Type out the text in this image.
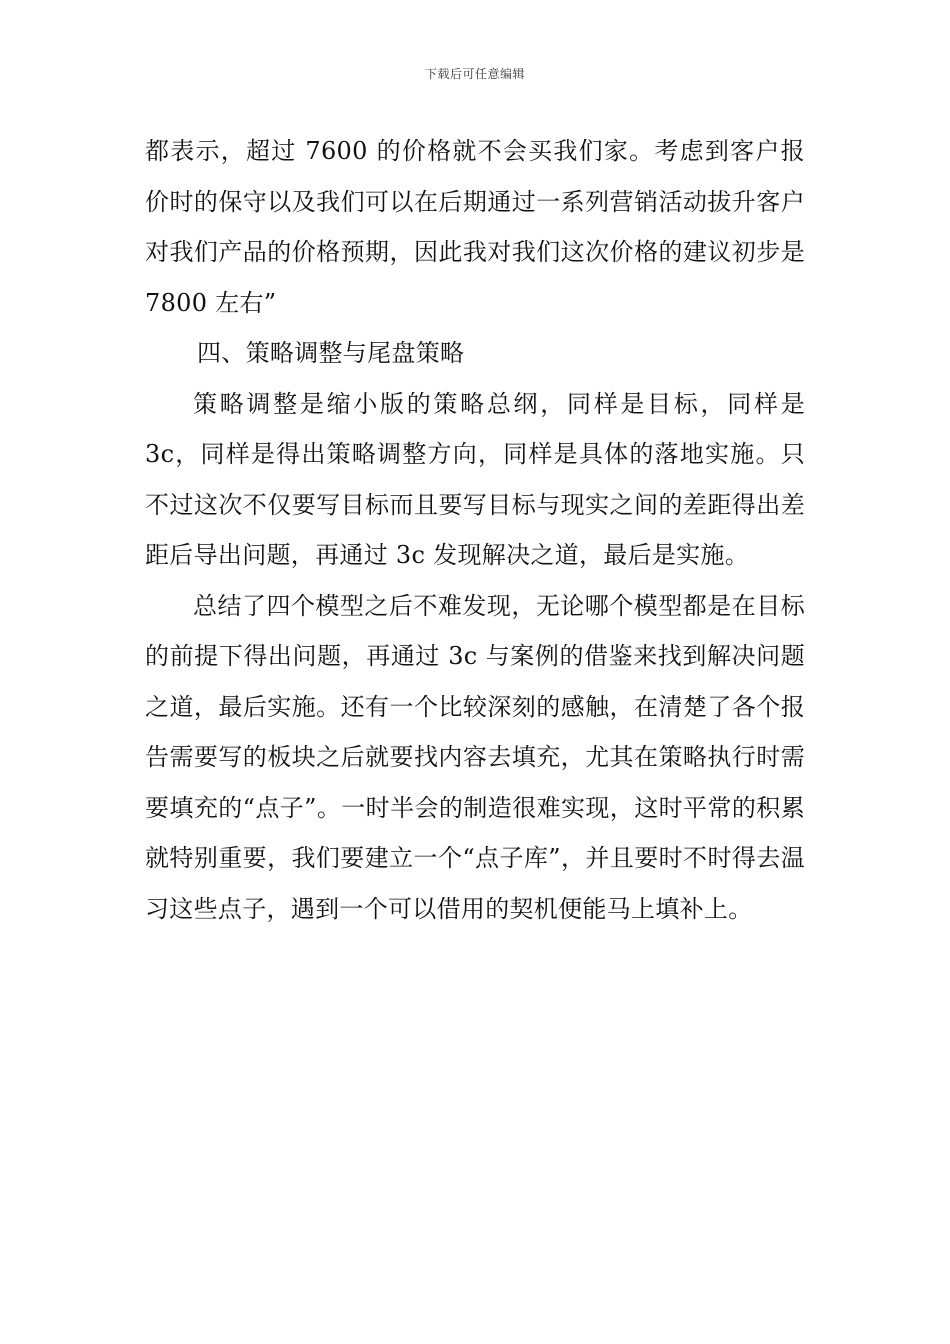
下载后可任意编辑

都表示，超过 7600 的价格就不会买我们家。考虑到客户报价时的保守以及我们可以在后期通过一系列营销活动拔升客户对我们产品的价格预期，因此我对我们这次价格的建议初步是 7800 左右”

四、策略调整与尾盘策略

策略调整是缩小版的策略总纲，同样是目标，同样是 3c，同样是得出策略调整方向，同样是具体的落地实施。只不过这次不仅要写目标而且要写目标与现实之间的差距得出差距后导出问题，再通过 3c 发现解决之道，最后是实施。

总结了四个模型之后不难发现，无论哪个模型都是在目标的前提下得出问题，再通过 3c 与案例的借鉴来找到解决问题之道，最后实施。还有一个比较深刻的感触，在清楚了各个报告需要写的板块之后就要找内容去填充，尤其在策略执行时需要填充的“点子”。一时半会的制造很难实现，这时平常的积累就特别重要，我们要建立一个“点子库”，并且要时不时得去温习这些点子，遇到一个可以借用的契机便能马上填补上。
